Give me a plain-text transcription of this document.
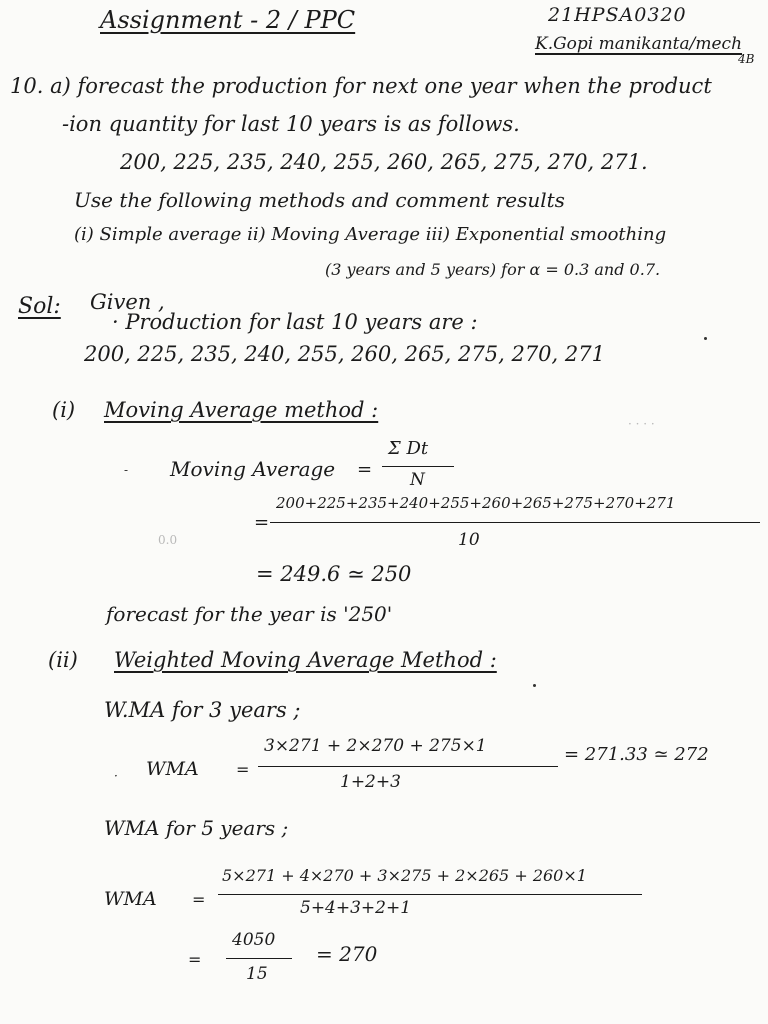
Assignment - 2 / PPC	21HPSA0320
K.Gopi manikanta/mech
4B
10. a) forecast the production for next one year when the product
-ion quantity for last 10 years is as follows.
200, 225, 235, 240, 255, 260, 265, 275, 270, 271.
Use the following methods and comment results
(i) Simple average ii) Moving Average iii) Exponential smoothing
(3 years and 5 years) for α = 0.3 and 0.7.
Sol: Given ,
· Production for last 10 years are :
200, 225, 235, 240, 255, 260, 265, 275, 270, 271
(i) Moving Average method :
· · · ·
- Moving Average =
Σ Dt
N
=
200+225+235+240+255+260+265+275+270+271
10
0.0
= 249.6 ≃ 250
forecast for the year is '250'
(ii) Weighted Moving Average Method :
W.MA for 3 years ;
· WMA =
3×271 + 2×270 + 275×1
1+2+3
= 271.33 ≃ 272
WMA for 5 years ;
WMA =
5×271 + 4×270 + 3×275 + 2×265 + 260×1
5+4+3+2+1
=
4050
15
= 270
